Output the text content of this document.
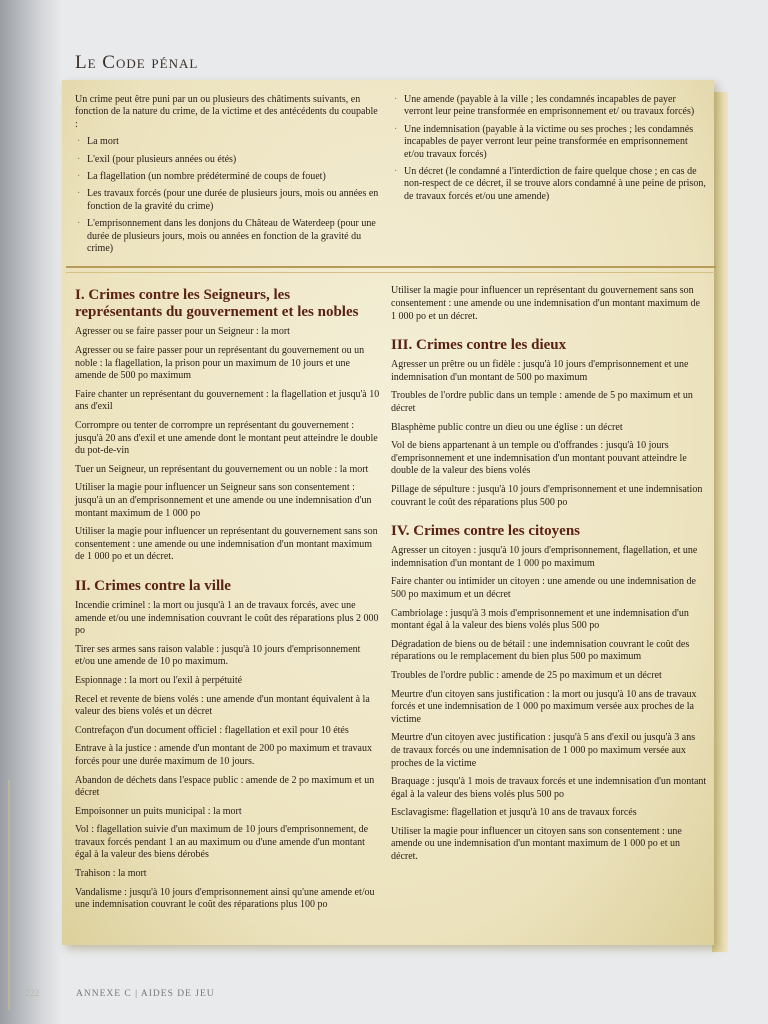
Le Code pénal

Un crime peut être puni par un ou plusieurs des châtiments suivants, en fonction de la nature du crime, de la victime et des antécédents du coupable :

· La mort
· L'exil (pour plusieurs années ou étés)
· La flagellation (un nombre prédéterminé de coups de fouet)
· Les travaux forcés (pour une durée de plusieurs jours, mois ou années en fonction de la gravité du crime)
· L'emprisonnement dans les donjons du Château de Waterdeep (pour une durée de plusieurs jours, mois ou années en fonction de la gravité du crime)
· Une amende (payable à la ville ; les condamnés incapables de payer verront leur peine transformée en emprisonnement et/ ou travaux forcés)
· Une indemnisation (payable à la victime ou ses proches ; les condamnés incapables de payer verront leur peine transformée en emprisonnement et/ou travaux forcés)
· Un décret (le condamné a l'interdiction de faire quelque chose ; en cas de non-respect de ce décret, il se trouve alors condamné à une peine de prison, de travaux forcés et/ou une amende)
I. Crimes contre les Seigneurs, les représentants du gouvernement et les nobles

Agresser ou se faire passer pour un Seigneur : la mort

Agresser ou se faire passer pour un représentant du gouvernement ou un noble : la flagellation, la prison pour un maximum de 10 jours et une amende de 500 po maximum

Faire chanter un représentant du gouvernement : la flagellation et jusqu'à 10 ans d'exil

Corrompre ou tenter de corrompre un représentant du gouvernement : jusqu'à 20 ans d'exil et une amende dont le montant peut atteindre le double du pot-de-vin

Tuer un Seigneur, un représentant du gouvernement ou un noble : la mort

Utiliser la magie pour influencer un Seigneur sans son consentement : jusqu'à un an d'emprisonnement et une amende ou une indemnisation d'un montant maximum de 1 000 po

Utiliser la magie pour influencer un représentant du gouvernement sans son consentement : une amende ou une indemnisation d'un montant maximum de 1 000 po et un décret.

II. Crimes contre la ville

Incendie criminel : la mort ou jusqu'à 1 an de travaux forcés, avec une amende et/ou une indemnisation couvrant le coût des réparations plus 2 000 po

Tirer ses armes sans raison valable : jusqu'à 10 jours d'emprisonnement et/ou une amende de 10 po maximum.

Espionnage : la mort ou l'exil à perpétuité

Recel et revente de biens volés : une amende d'un montant équivalent à la valeur des biens volés et un décret

Contrefaçon d'un document officiel : flagellation et exil pour 10 étés

Entrave à la justice : amende d'un montant de 200 po maximum et travaux forcés pour une durée maximum de 10 jours.

Abandon de déchets dans l'espace public : amende de 2 po maximum et un décret

Empoisonner un puits municipal : la mort

Vol : flagellation suivie d'un maximum de 10 jours d'emprisonnement, de travaux forcés pendant 1 an au maximum ou d'une amende d'un montant égal à la valeur des biens dérobés

Trahison : la mort

Vandalisme : jusqu'à 10 jours d'emprisonnement ainsi qu'une amende et/ou une indemnisation couvrant le coût des réparations plus 100 po

Utiliser la magie pour influencer un représentant du gouvernement sans son consentement : une amende ou une indemnisation d'un montant maximum de 1 000 po et un décret.

III. Crimes contre les dieux

Agresser un prêtre ou un fidèle : jusqu'à 10 jours d'emprisonnement et une indemnisation d'un montant de 500 po maximum

Troubles de l'ordre public dans un temple : amende de 5 po maximum et un décret

Blasphème public contre un dieu ou une église : un décret

Vol de biens appartenant à un temple ou d'offrandes : jusqu'à 10 jours d'emprisonnement et une indemnisation d'un montant pouvant atteindre le double de la valeur des biens volés

Pillage de sépulture : jusqu'à 10 jours d'emprisonnement et une indemnisation couvrant le coût des réparations plus 500 po

IV. Crimes contre les citoyens

Agresser un citoyen : jusqu'à 10 jours d'emprisonnement, flagellation, et une indemnisation d'un montant de 1 000 po maximum

Faire chanter ou intimider un citoyen : une amende ou une indemnisation de 500 po maximum et un décret

Cambriolage : jusqu'à 3 mois d'emprisonnement et une indemnisation d'un montant égal à la valeur des biens volés plus 500 po

Dégradation de biens ou de bétail : une indemnisation couvrant le coût des réparations ou le remplacement du bien plus 500 po maximum

Troubles de l'ordre public : amende de 25 po maximum et un décret

Meurtre d'un citoyen sans justification : la mort ou jusqu'à 10 ans de travaux forcés et une indemnisation de 1 000 po maximum versée aux proches de la victime

Meurtre d'un citoyen avec justification : jusqu'à 5 ans d'exil ou jusqu'à 3 ans de travaux forcés ou une indemnisation de 1 000 po maximum versée aux proches de la victime

Braquage : jusqu'à 1 mois de travaux forcés et une indemnisation d'un montant égal à la valeur des biens volés plus 500 po

Esclavagisme: flagellation et jusqu'à 10 ans de travaux forcés

Utiliser la magie pour influencer un citoyen sans son consentement : une amende ou une indemnisation d'un montant maximum de 1 000 po et un décret.

222	ANNEXE C | AIDES DE JEU
